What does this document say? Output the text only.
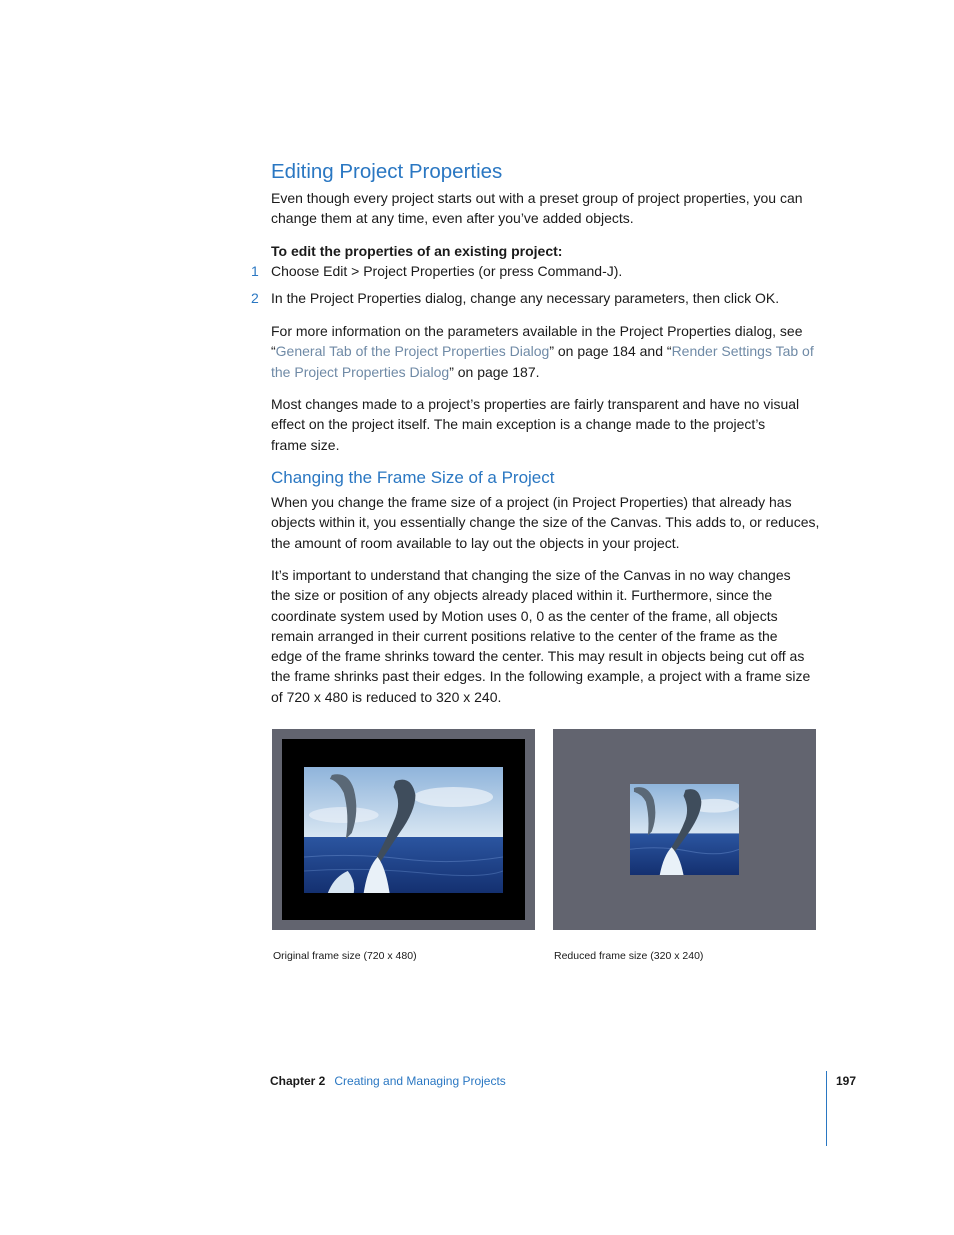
Editing Project Properties

Even though every project starts out with a preset group of project properties, you can
change them at any time, even after you’ve added objects.

To edit the properties of an existing project:
1 Choose Edit > Project Properties (or press Command-J).
2 In the Project Properties dialog, change any necessary parameters, then click OK.

For more information on the parameters available in the Project Properties dialog, see
“General Tab of the Project Properties Dialog” on page 184 and “Render Settings Tab of
the Project Properties Dialog” on page 187.

Most changes made to a project’s properties are fairly transparent and have no visual
effect on the project itself. The main exception is a change made to the project’s
frame size.

Changing the Frame Size of a Project

When you change the frame size of a project (in Project Properties) that already has
objects within it, you essentially change the size of the Canvas. This adds to, or reduces,
the amount of room available to lay out the objects in your project.

It’s important to understand that changing the size of the Canvas in no way changes
the size or position of any objects already placed within it. Furthermore, since the
coordinate system used by Motion uses 0, 0 as the center of the frame, all objects
remain arranged in their current positions relative to the center of the frame as the
edge of the frame shrinks toward the center. This may result in objects being cut off as
the frame shrinks past their edges. In the following example, a project with a frame size
of 720 x 480 is reduced to 320 x 240.

Original frame size (720 x 480)	Reduced frame size (320 x 240)
Chapter 2 Creating and Managing Projects	197
